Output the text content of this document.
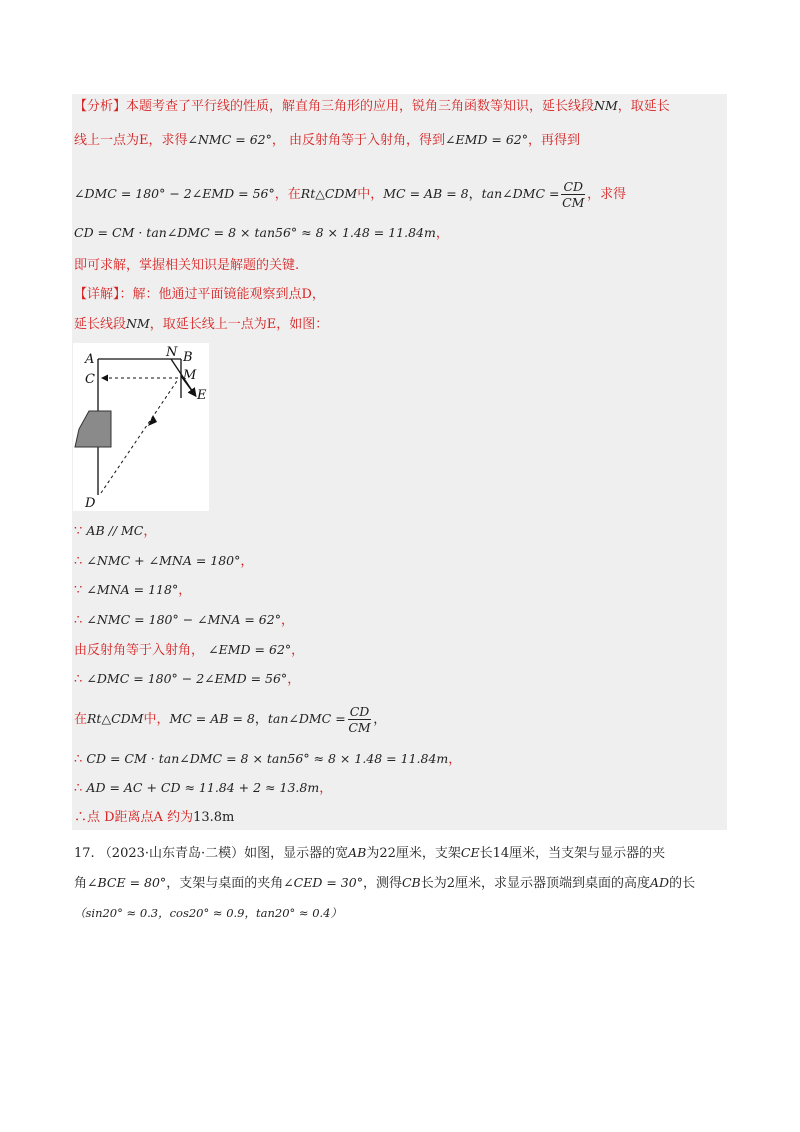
【分析】本题考查了平行线的性质，解直角三角形的应用，锐角三角函数等知识，延长线段NM，取延长
线上一点为E，求得∠NMC = 62°， 由反射角等于入射角，得到∠EMD = 62°，再得到
∠DMC = 180° − 2∠EMD = 56°，在Rt△CDM中，MC = AB = 8，tan∠DMC = $\frac{CD}{CM}$ ，求得
CD = CM · tan∠DMC = 8 × tan56° ≈ 8 × 1.48 = 11.84m，
即可求解，掌握相关知识是解题的关键.
【详解】：解：他通过平面镜能观察到点D，
延长线段NM，取延长线上一点为E，如图：
A	N B
C	M
E
D
∵ AB // MC，
∴ ∠NMC + ∠MNA = 180°，
∵ ∠MNA = 118°，
∴ ∠NMC = 180° − ∠MNA = 62°，
由反射角等于入射角， ∠EMD = 62°，
∴ ∠DMC = 180° − 2∠EMD = 56°，
在Rt△CDM中，MC = AB = 8，tan∠DMC = $\frac{CD}{CM}$ ，
∴ CD = CM · tan∠DMC = 8 × tan56° ≈ 8 × 1.48 = 11.84m，
∴ AD = AC + CD ≈ 11.84 + 2 ≈ 13.8m，
∴点 D距离点A 约为13.8m
17. （2023·山东青岛·二模）如图，显示器的宽AB为22厘米，支架CE长14厘米，当支架与显示器的夹
角∠BCE = 80°，支架与桌面的夹角∠CED = 30°，测得CB长为2厘米，求显示器顶端到桌面的高度AD的长
（sin20° ≈ 0.3，cos20° ≈ 0.9，tan20° ≈ 0.4）
